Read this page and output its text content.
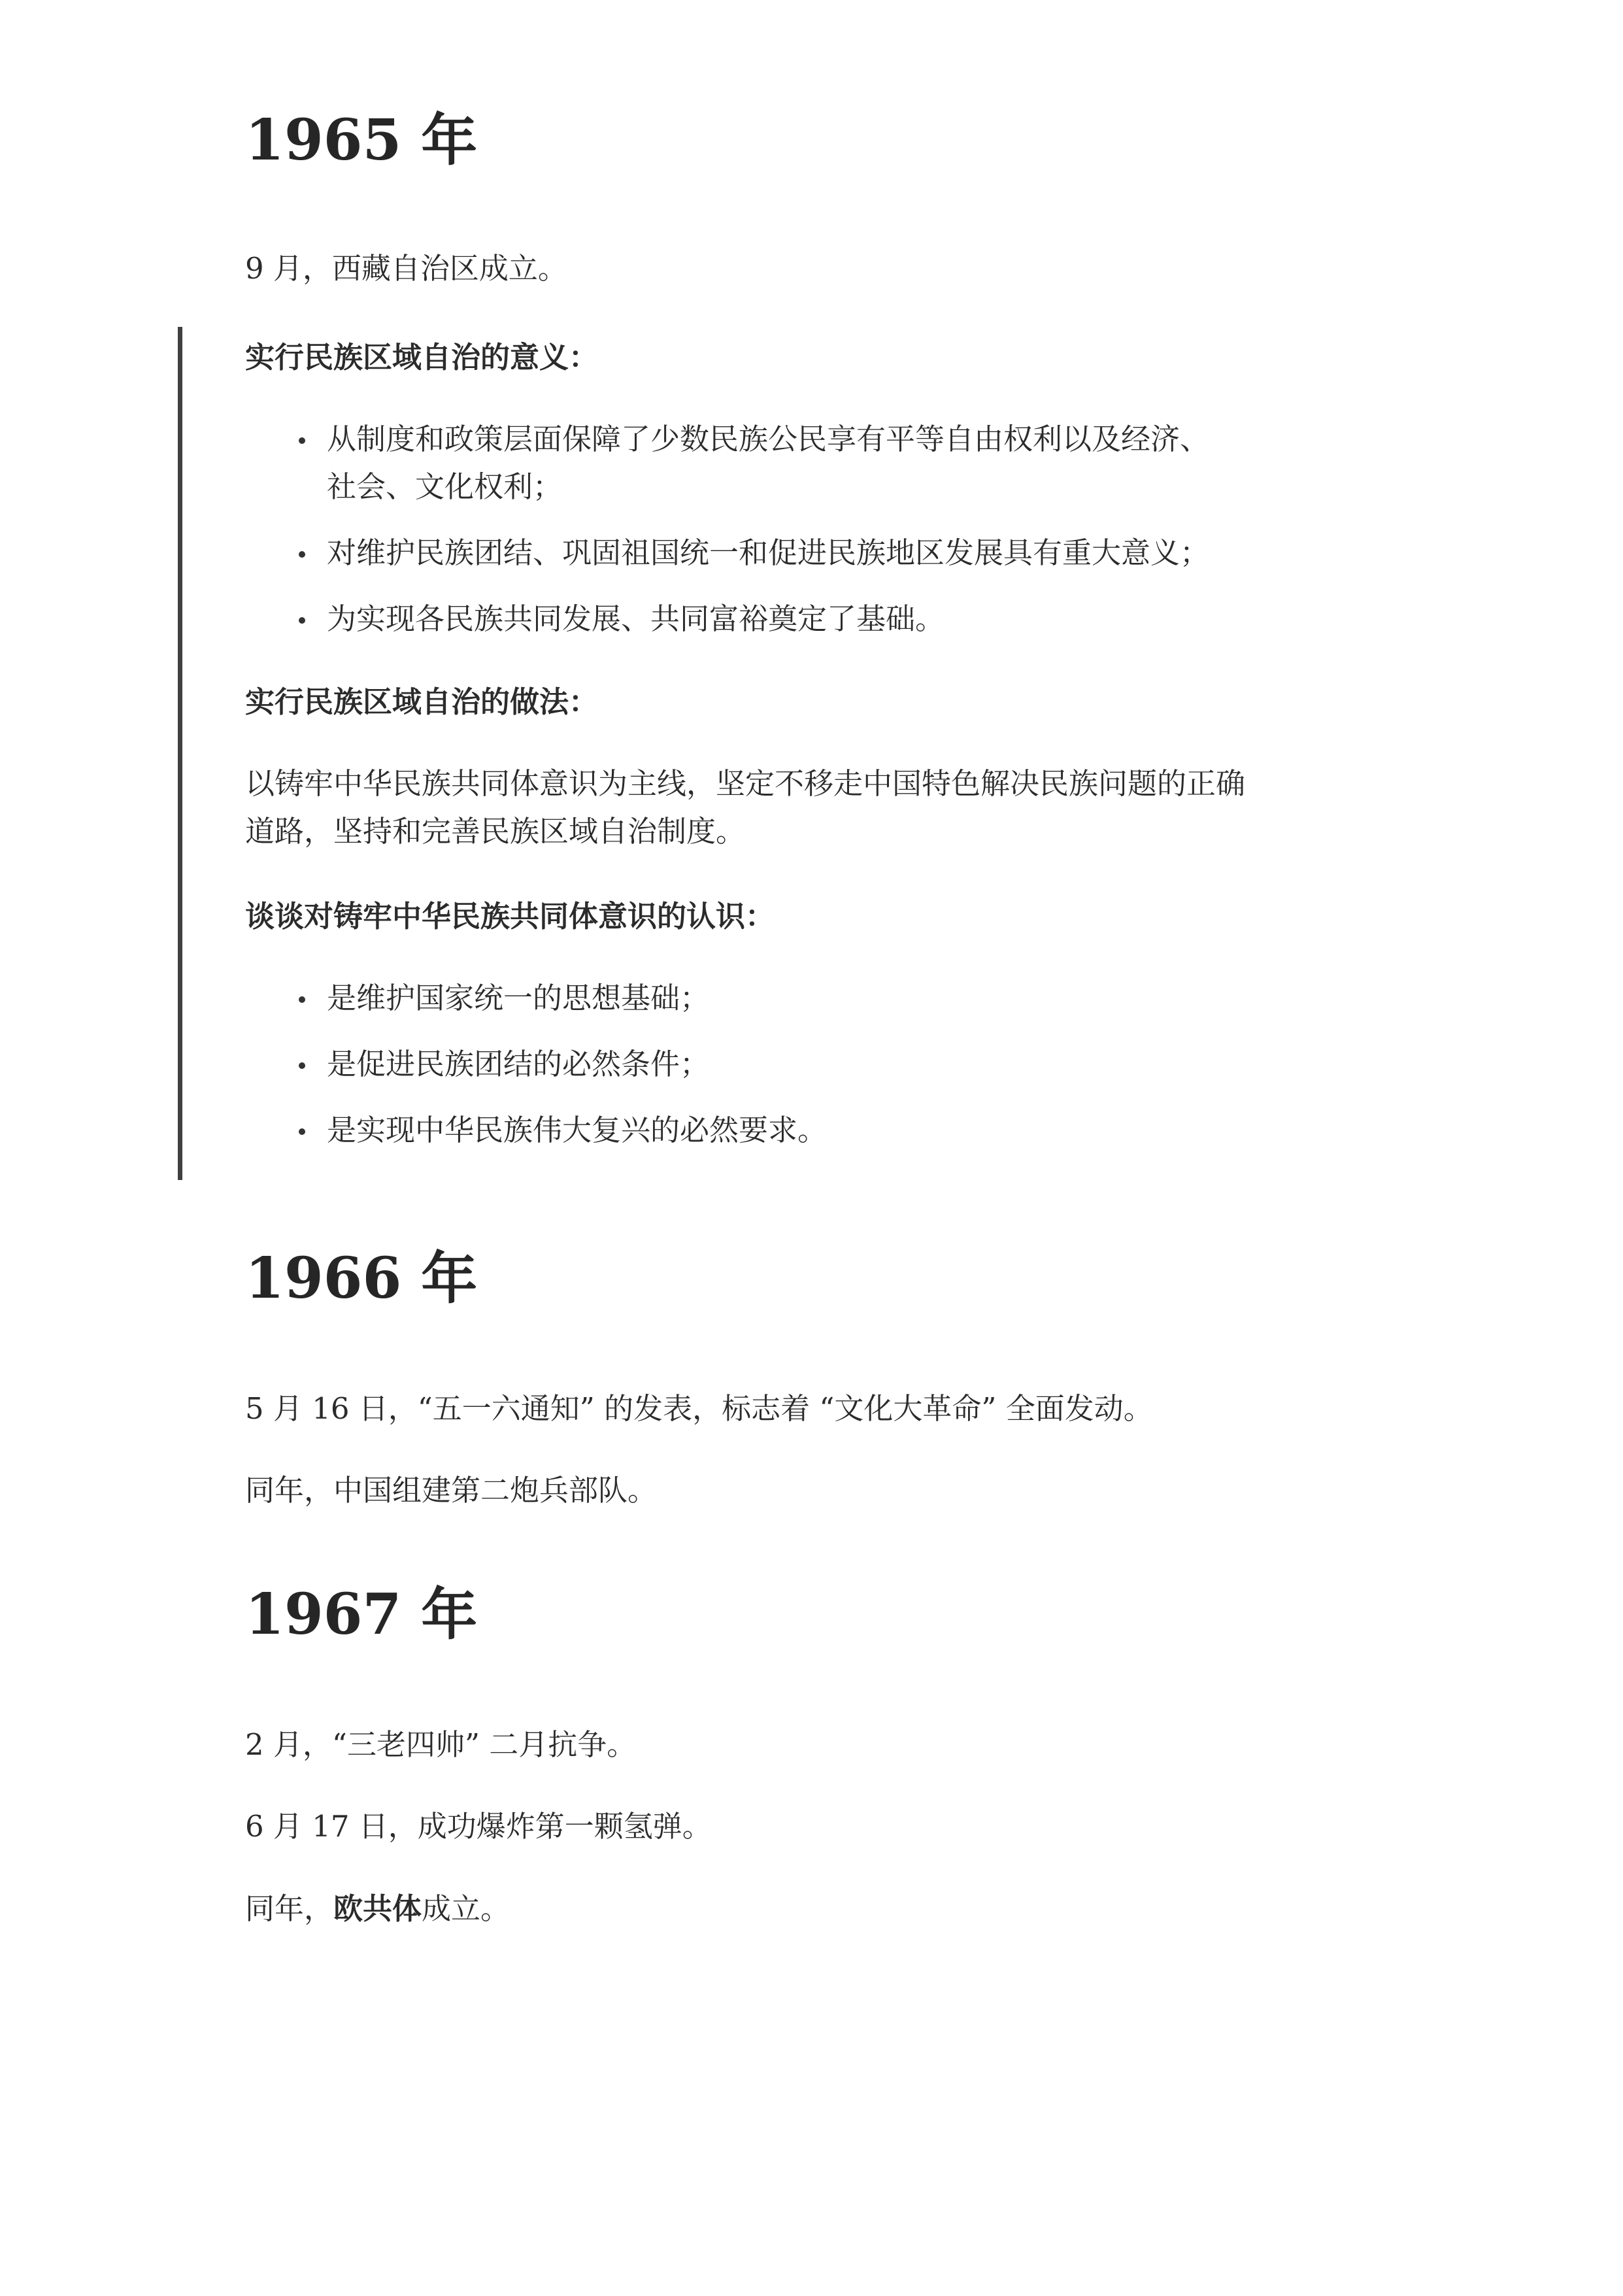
1965 年

9 月，西藏自治区成立。

实行民族区域自治的意义：

从制度和政策层面保障了少数民族公民享有平等自由权利以及经济、
社会、文化权利；
对维护民族团结、巩固祖国统一和促进民族地区发展具有重大意义；
为实现各民族共同发展、共同富裕奠定了基础。

实行民族区域自治的做法：

以铸牢中华民族共同体意识为主线，坚定不移走中国特色解决民族问题的正确
道路，坚持和完善民族区域自治制度。

谈谈对铸牢中华民族共同体意识的认识：

是维护国家统一的思想基础；
是促进民族团结的必然条件；
是实现中华民族伟大复兴的必然要求。
1966 年

5 月 16 日，“五一六通知” 的发表，标志着 “文化大革命” 全面发动。

同年，中国组建第二炮兵部队。

1967 年

2 月，“三老四帅” 二月抗争。

6 月 17 日，成功爆炸第一颗氢弹。

同年，欧共体成立。
